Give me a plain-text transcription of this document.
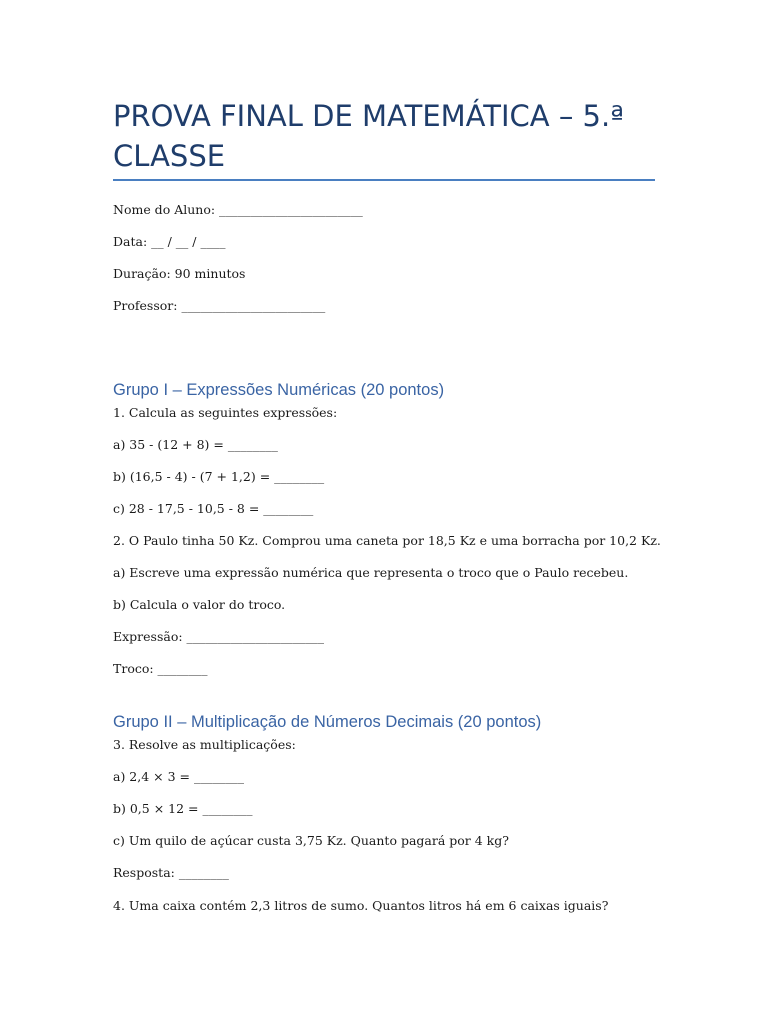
PROVA FINAL DE MATEMÁTICA – 5.ª CLASSE

Nome do Aluno: _______________________

Data: __ / __ / ____

Duração: 90 minutos

Professor: _______________________

Grupo I – Expressões Numéricas (20 pontos)

1. Calcula as seguintes expressões:

a) 35 - (12 + 8) = ________

b) (16,5 - 4) - (7 + 1,2) = ________

c) 28 - 17,5 - 10,5 - 8 = ________

2. O Paulo tinha 50 Kz. Comprou uma caneta por 18,5 Kz e uma borracha por 10,2 Kz.

a) Escreve uma expressão numérica que representa o troco que o Paulo recebeu.

b) Calcula o valor do troco.

Expressão: ______________________

Troco: ________

Grupo II – Multiplicação de Números Decimais (20 pontos)

3. Resolve as multiplicações:

a) 2,4 × 3 = ________

b) 0,5 × 12 = ________

c) Um quilo de açúcar custa 3,75 Kz. Quanto pagará por 4 kg?

Resposta: ________

4. Uma caixa contém 2,3 litros de sumo. Quantos litros há em 6 caixas iguais?
